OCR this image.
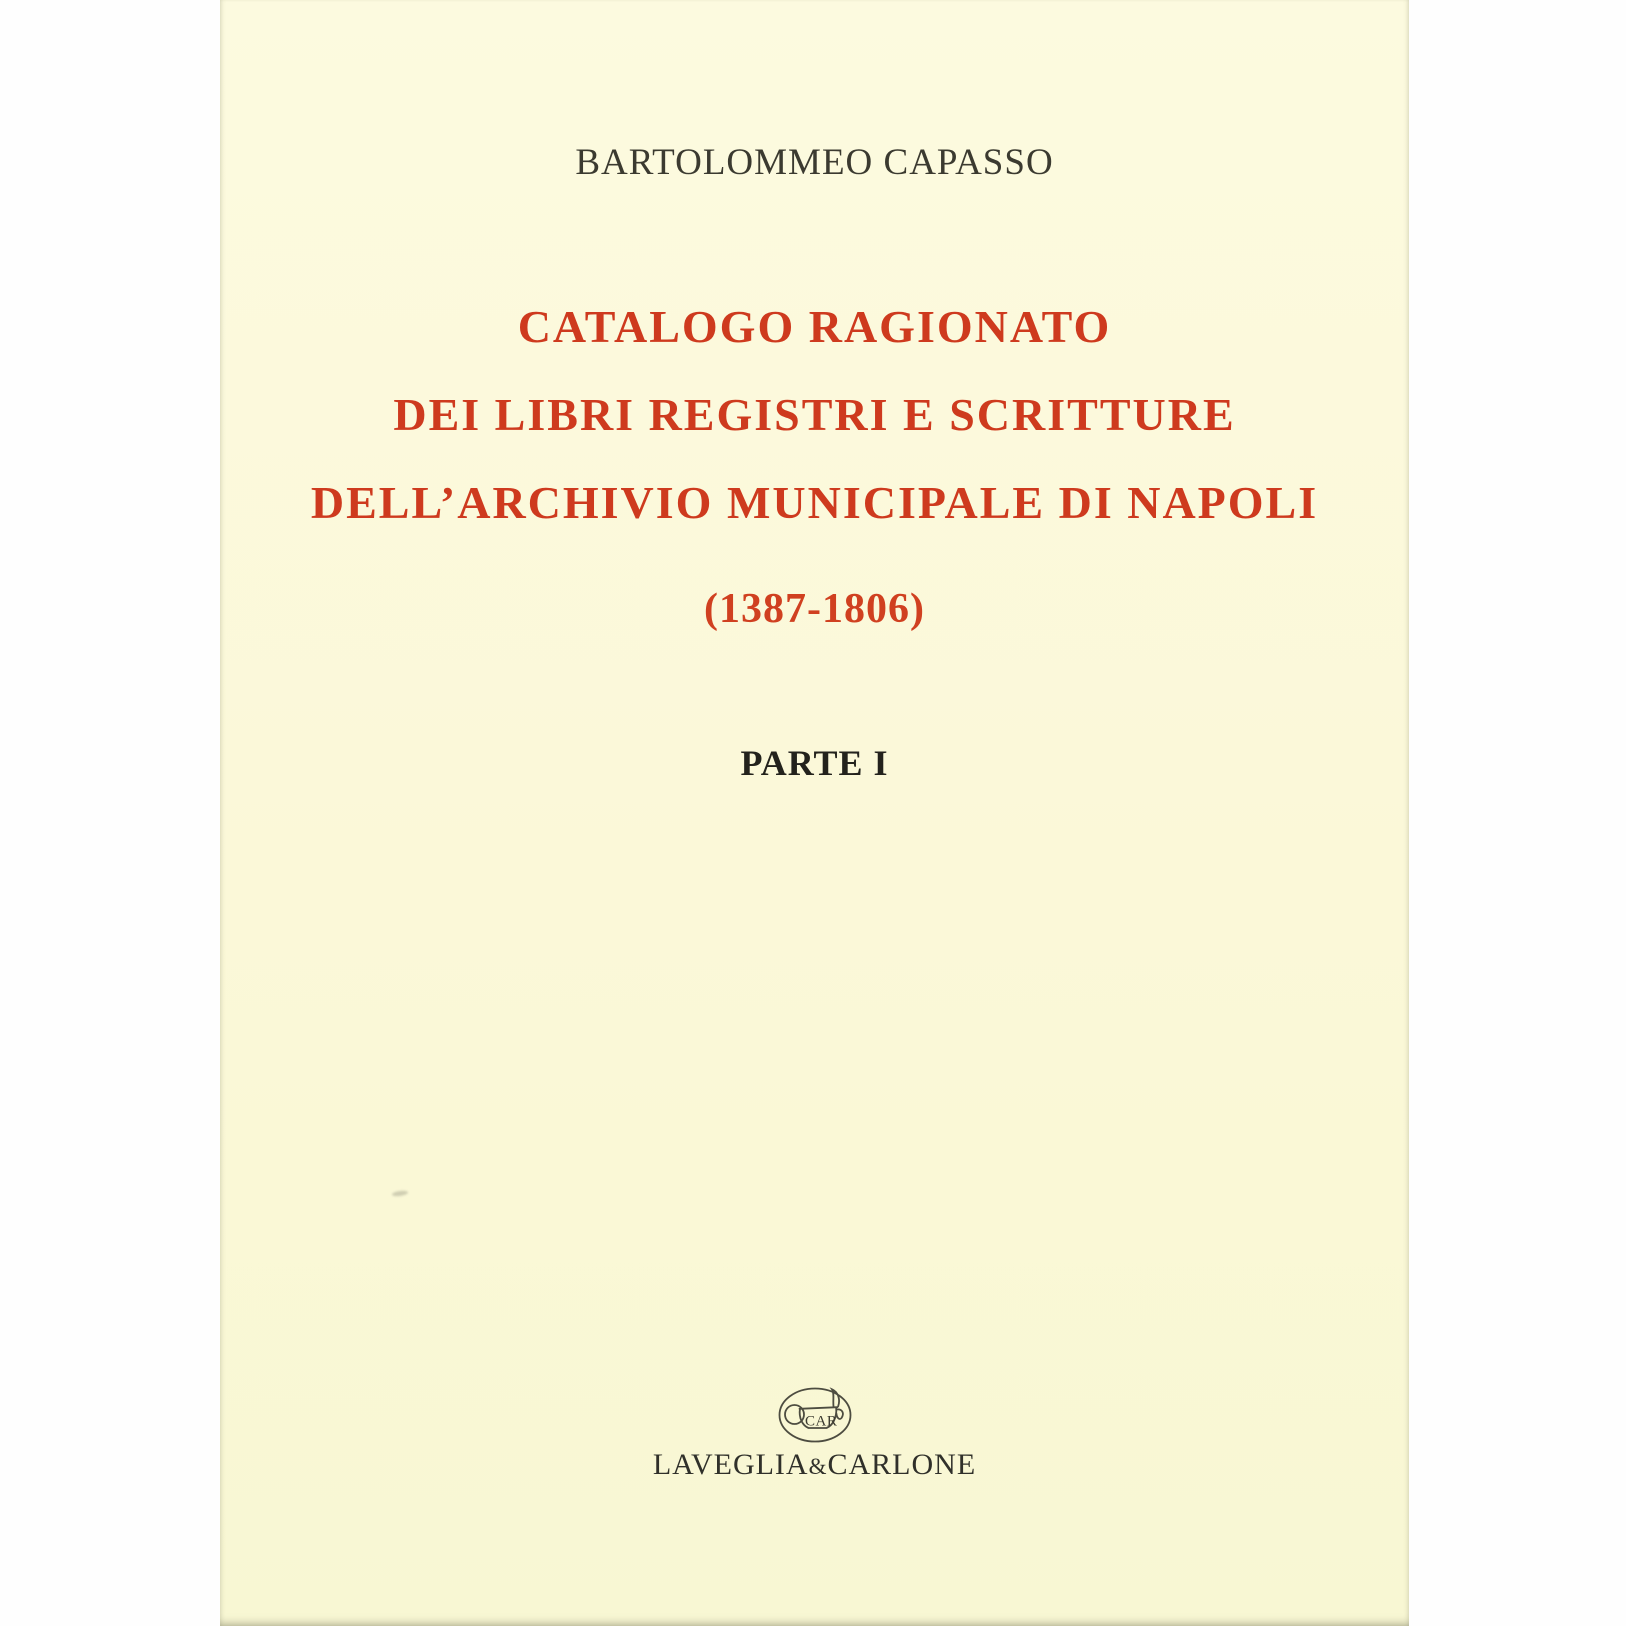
BARTOLOMMEO CAPASSO
CATALOGO RAGIONATO
DEI LIBRI REGISTRI E SCRITTURE
DELL’ARCHIVIO MUNICIPALE DI NAPOLI
(1387-1806)
PARTE I
CAR
LAVEGLIA&CARLONE
